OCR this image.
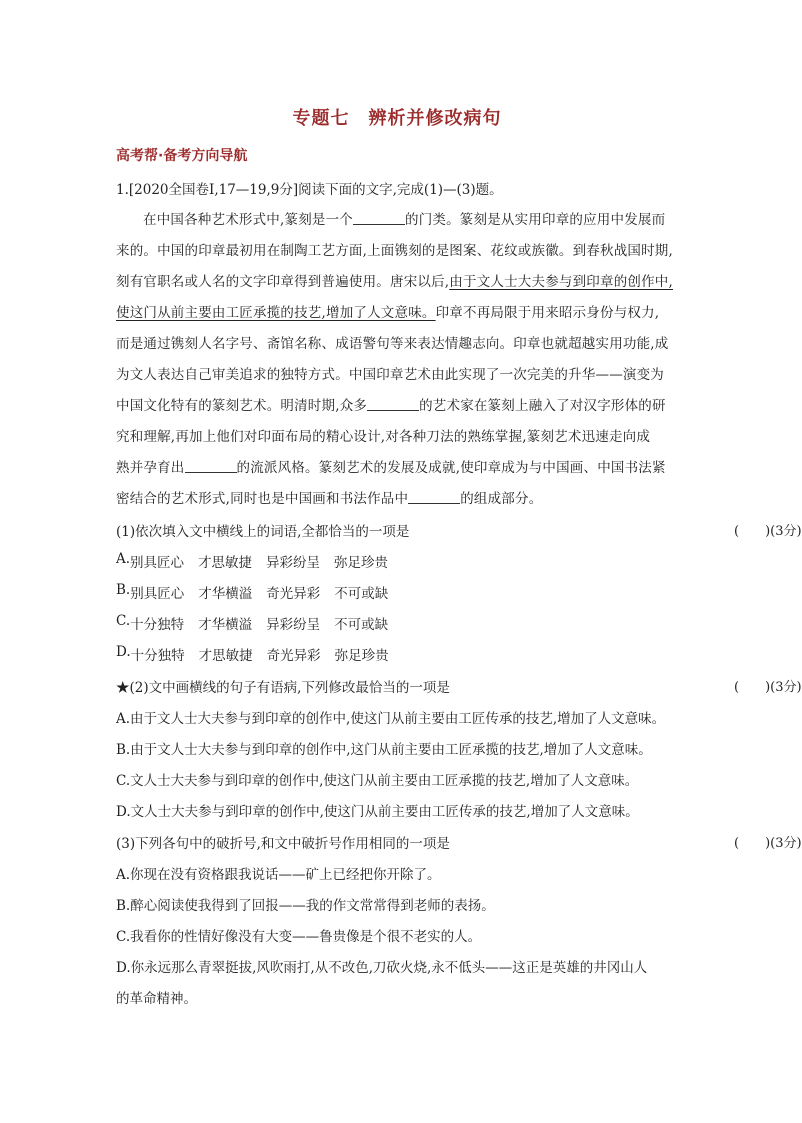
专题七　辨析并修改病句
高考帮·备考方向导航
1.[2020全国卷Ⅰ,17—19,9分]阅读下面的文字,完成(1)—(3)题。
在中国各种艺术形式中,篆刻是一个	的门类。篆刻是从实用印章的应用中发展而
来的。中国的印章最初用在制陶工艺方面,上面镌刻的是图案、花纹或族徽。到春秋战国时期,
刻有官职名或人名的文字印章得到普遍使用。唐宋以后,由于文人士大夫参与到印章的创作中,
使这门从前主要由工匠承揽的技艺,增加了人文意味。印章不再局限于用来昭示身份与权力,
而是通过镌刻人名字号、斋馆名称、成语警句等来表达情趣志向。印章也就超越实用功能,成
为文人表达自己审美追求的独特方式。中国印章艺术由此实现了一次完美的升华——演变为
中国文化特有的篆刻艺术。明清时期,众多	的艺术家在篆刻上融入了对汉字形体的研
究和理解,再加上他们对印面布局的精心设计,对各种刀法的熟练掌握,篆刻艺术迅速走向成
熟并孕育出	的流派风格。篆刻艺术的发展及成就,使印章成为与中国画、中国书法紧
密结合的艺术形式,同时也是中国画和书法作品中	的组成部分。
(1)依次填入文中横线上的词语,全都恰当的一项是	(　　)(3分)
A. 别具匠心 才思敏捷 异彩纷呈 弥足珍贵
B. 别具匠心 才华横溢 奇光异彩 不可或缺
C. 十分独特 才华横溢 异彩纷呈 不可或缺
D. 十分独特 才思敏捷 奇光异彩 弥足珍贵
★(2)文中画横线的句子有语病,下列修改最恰当的一项是	(　　)(3分)
A.由于文人士大夫参与到印章的创作中,使这门从前主要由工匠传承的技艺,增加了人文意味。
B.由于文人士大夫参与到印章的创作中,这门从前主要由工匠承揽的技艺,增加了人文意味。
C.文人士大夫参与到印章的创作中,使这门从前主要由工匠承揽的技艺,增加了人文意味。
D.文人士大夫参与到印章的创作中,使这门从前主要由工匠传承的技艺,增加了人文意味。
(3)下列各句中的破折号,和文中破折号作用相同的一项是	(　　)(3分)
A.你现在没有资格跟我说话——矿上已经把你开除了。
B.醉心阅读使我得到了回报——我的作文常常得到老师的表扬。
C.我看你的性情好像没有大变——鲁贵像是个很不老实的人。
D.你永远那么青翠挺拔,风吹雨打,从不改色,刀砍火烧,永不低头——这正是英雄的井冈山人
的革命精神。
